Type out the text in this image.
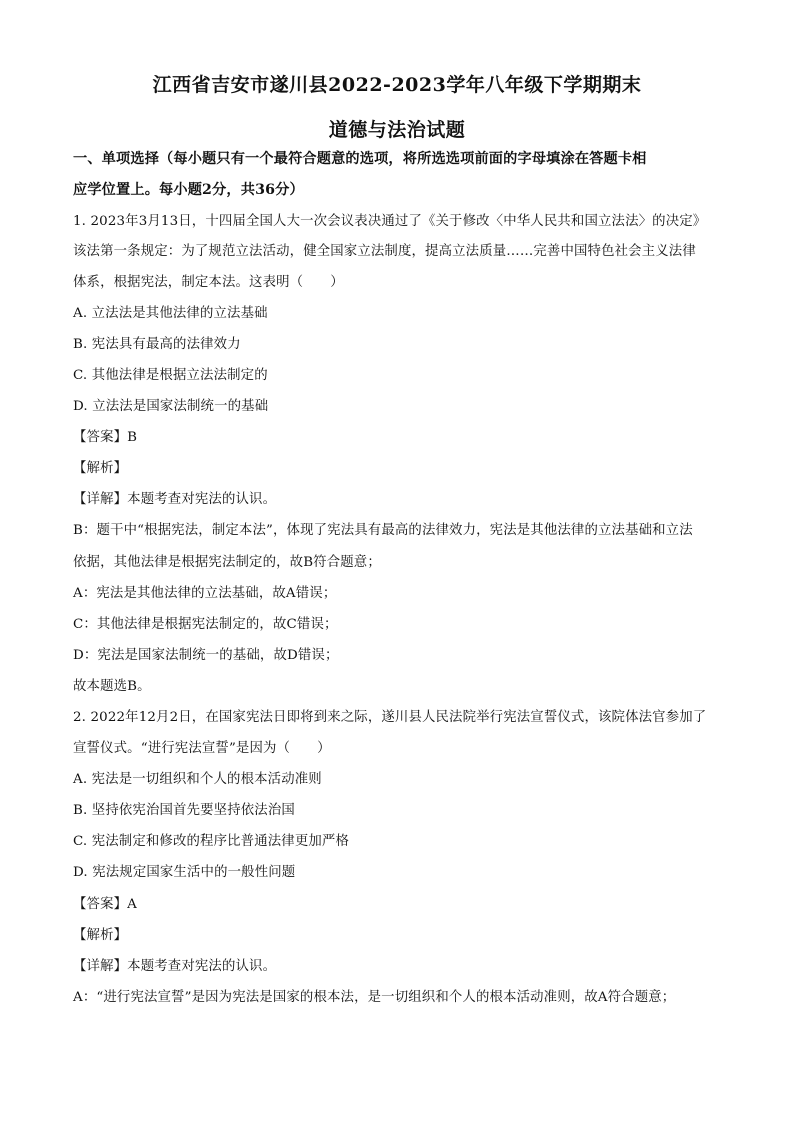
江西省吉安市遂川县2022-2023学年八年级下学期期末
道德与法治试题
一、单项选择（每小题只有一个最符合题意的选项，将所选选项前面的字母填涂在答题卡相
应学位置上。每小题2分，共36分）
1. 2023年3月13日，十四届全国人大一次会议表决通过了《关于修改〈中华人民共和国立法法〉的决定》
该法第一条规定：为了规范立法活动，健全国家立法制度，提高立法质量……完善中国特色社会主义法律
体系，根据宪法，制定本法。这表明（　　）
A. 立法法是其他法律的立法基础
B. 宪法具有最高的法律效力
C. 其他法律是根据立法法制定的
D. 立法法是国家法制统一的基础
【答案】B
【解析】
【详解】本题考查对宪法的认识。
B：题干中“根据宪法，制定本法”，体现了宪法具有最高的法律效力，宪法是其他法律的立法基础和立法
依据，其他法律是根据宪法制定的，故B符合题意；
A：宪法是其他法律的立法基础，故A错误；
C：其他法律是根据宪法制定的，故C错误；
D：宪法是国家法制统一的基础，故D错误；
故本题选B。
2. 2022年12月2日，在国家宪法日即将到来之际，遂川县人民法院举行宪法宣誓仪式，该院体法官参加了
宣誓仪式。“进行宪法宣誓”是因为（　　）
A. 宪法是一切组织和个人的根本活动准则
B. 坚持依宪治国首先要坚持依法治国
C. 宪法制定和修改的程序比普通法律更加严格
D. 宪法规定国家生活中的一般性问题
【答案】A
【解析】
【详解】本题考查对宪法的认识。
A：“进行宪法宣誓”是因为宪法是国家的根本法，是一切组织和个人的根本活动准则，故A符合题意；
